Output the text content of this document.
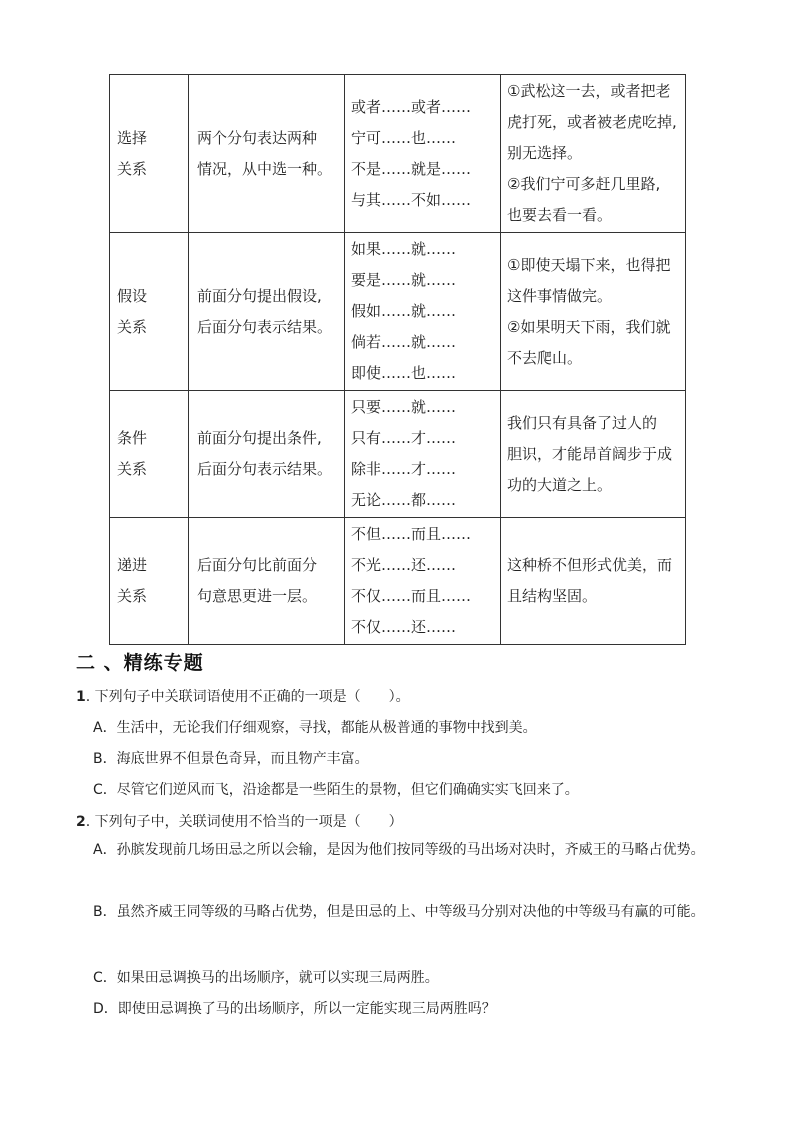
选择
关系	两个分句表达两种
情况，从中选一种。	或者……或者……
宁可……也……
不是……就是……
与其……不如……	①武松这一去，或者把老
虎打死，或者被老虎吃掉,
别无选择。
②我们宁可多赶几里路,
也要去看一看。

假设
关系	前面分句提出假设,
后面分句表示结果。	如果……就……
要是……就……
假如……就……
倘若……就……
即使……也……	①即使天塌下来，也得把
这件事情做完。
②如果明天下雨，我们就
不去爬山。

条件
关系	前面分句提出条件,
后面分句表示结果。	只要……就……
只有……才……
除非……才……
无论……都……	我们只有具备了过人的
胆识，才能昂首阔步于成
功的大道之上。

递进
关系	后面分句比前面分
句意思更进一层。	不但……而且……
不光……还……
不仅……而且……
不仅……还……	这种桥不但形式优美，而
且结构坚固。
二 、精练专题
1. 下列句子中关联词语使用不正确的一项是（　　）。
A．生活中，无论我们仔细观察，寻找，都能从极普通的事物中找到美。
B．海底世界不但景色奇异，而且物产丰富。
C．尽管它们逆风而飞，沿途都是一些陌生的景物，但它们确确实实飞回来了。
2. 下列句子中，关联词使用不恰当的一项是（　　）
A．孙膑发现前几场田忌之所以会输，是因为他们按同等级的马出场对决时，齐威王的马略占优势。
B．虽然齐威王同等级的马略占优势，但是田忌的上、中等级马分别对决他的中等级马有赢的可能。
C．如果田忌调换马的出场顺序，就可以实现三局两胜。
D．即使田忌调换了马的出场顺序，所以一定能实现三局两胜吗？
